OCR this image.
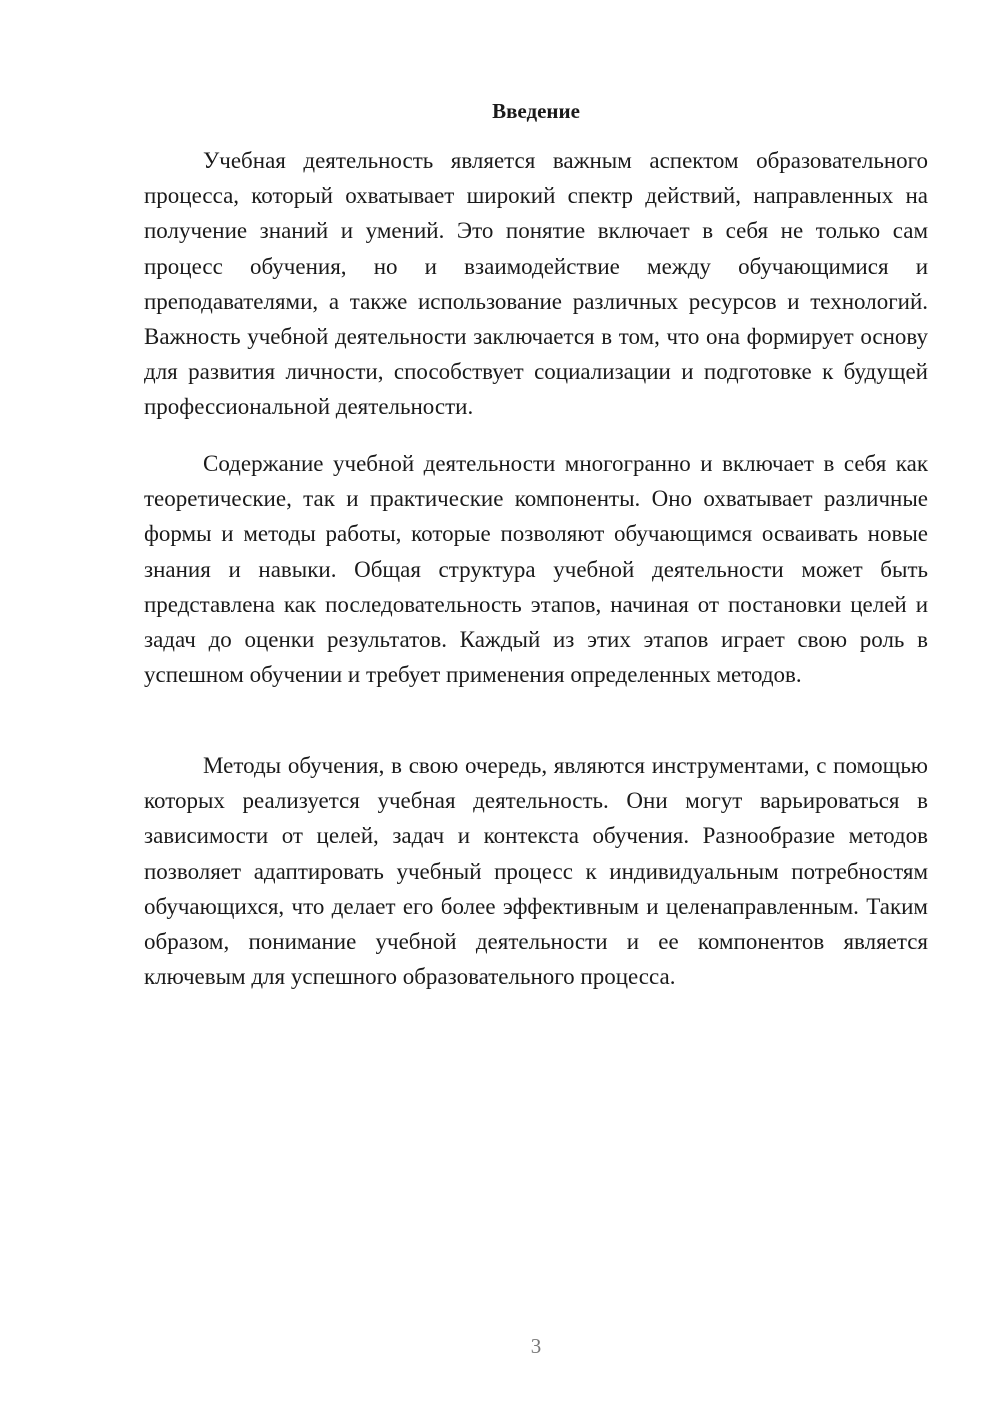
Введение

Учебная деятельность является важным аспектом образовательного процесса, который охватывает широкий спектр действий, направленных на получение знаний и умений. Это понятие включает в себя не только сам процесс обучения, но и взаимодействие между обучающимися и преподавателями, а также использование различных ресурсов и технологий. Важность учебной деятельности заключается в том, что она формирует основу для развития личности, способствует социализации и подготовке к будущей профессиональной деятельности.

Содержание учебной деятельности многогранно и включает в себя как теоретические, так и практические компоненты. Оно охватывает различные формы и методы работы, которые позволяют обучающимся осваивать новые знания и навыки. Общая структура учебной деятельности может быть представлена как последовательность этапов, начиная от постановки целей и задач до оценки результатов. Каждый из этих этапов играет свою роль в успешном обучении и требует применения определенных методов.

Методы обучения, в свою очередь, являются инструментами, с помощью которых реализуется учебная деятельность. Они могут варьироваться в зависимости от целей, задач и контекста обучения. Разнообразие методов позволяет адаптировать учебный процесс к индивидуальным потребностям обучающихся, что делает его более эффективным и целенаправленным. Таким образом, понимание учебной деятельности и ее компонентов является ключевым для успешного образовательного процесса.

3
